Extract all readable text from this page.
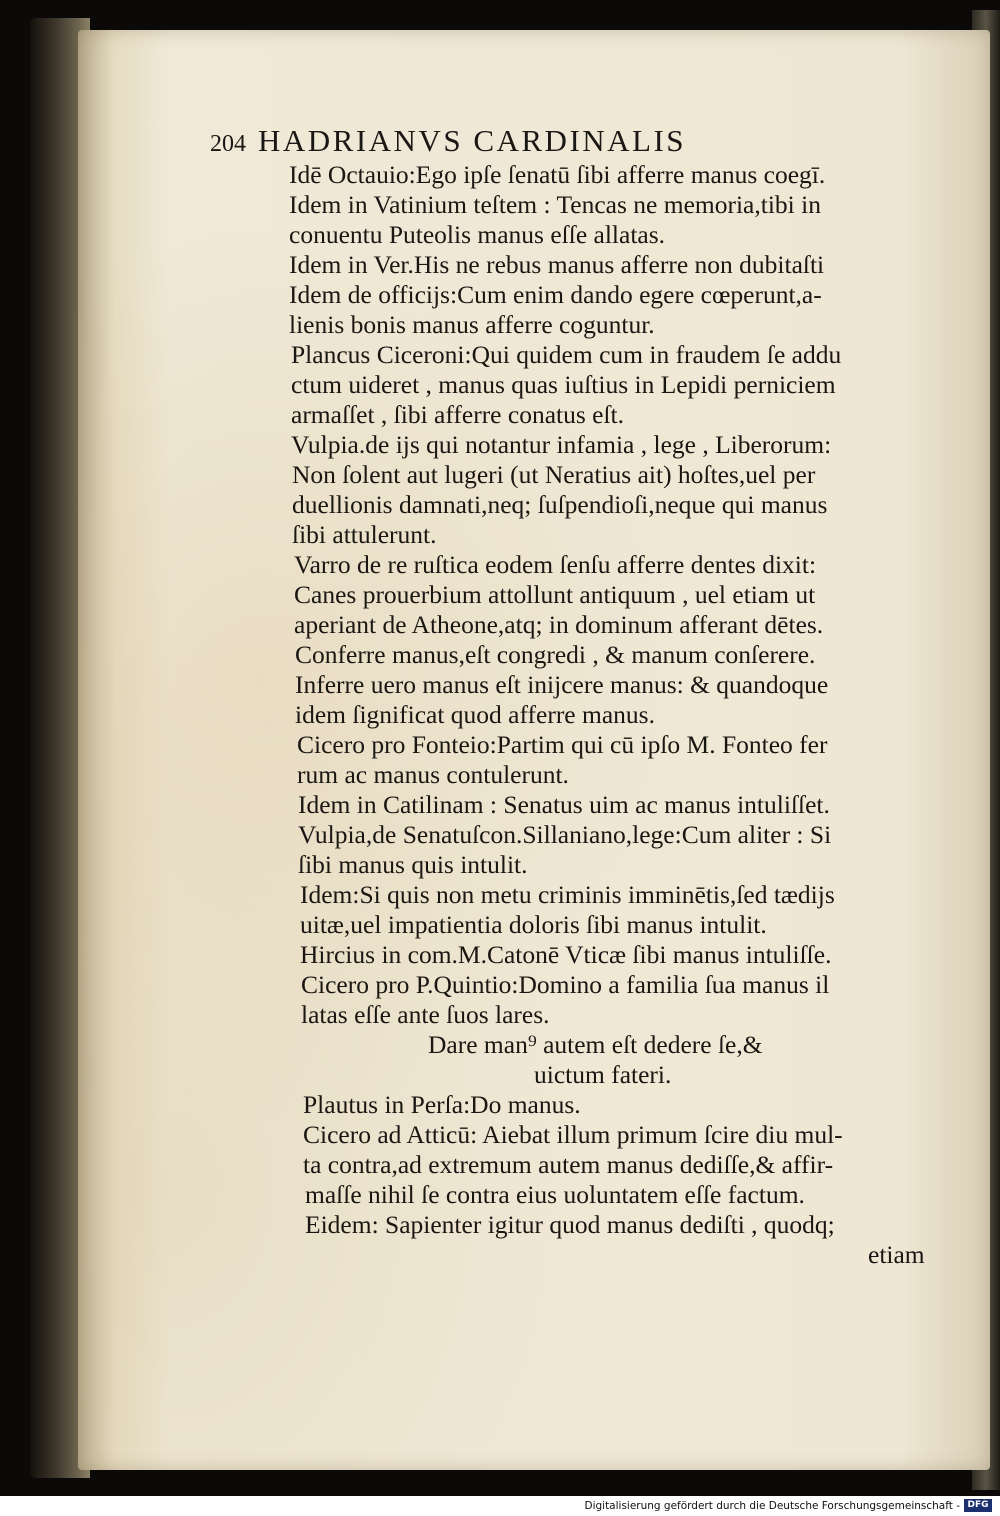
204 HADRIANVS CARDINALIS
Idē Octauio:Ego ipſe ſenatū ſibi afferre manus coegī.
Idem in Vatinium teſtem : Tencas ne memoria,tibi in
conuentu Puteolis manus eſſe allatas.
Idem in Ver.His ne rebus manus afferre non dubitaſti
Idem de officijs:Cum enim dando egere cœperunt,a-
lienis bonis manus afferre coguntur.
Plancus Ciceroni:Qui quidem cum in fraudem ſe addu
ctum uideret , manus quas iuſtius in Lepidi perniciem
armaſſet , ſibi afferre conatus eſt.
Vulpia.de ijs qui notantur infamia , lege , Liberorum:
Non ſolent aut lugeri (ut Neratius ait) hoſtes,uel per
duellionis damnati,neq; ſuſpendioſi,neque qui manus
ſibi attulerunt.
Varro de re ruſtica eodem ſenſu afferre dentes dixit:
Canes prouerbium attollunt antiquum , uel etiam ut
aperiant de Atheone,atq; in dominum afferant dētes.
Conferre manus,eſt congredi , & manum conſerere.
Inferre uero manus eſt inijcere manus: & quandoque
idem ſignificat quod afferre manus.
Cicero pro Fonteio:Partim qui cū ipſo M. Fonteo fer
rum ac manus contulerunt.
Idem in Catilinam : Senatus uim ac manus intuliſſet.
Vulpia,de Senatuſcon.Sillaniano,lege:Cum aliter : Si
ſibi manus quis intulit.
Idem:Si quis non metu criminis imminētis,ſed tædijs
uitæ,uel impatientia doloris ſibi manus intulit.
Hircius in com.M.Catonē Vticæ ſibi manus intuliſſe.
Cicero pro P.Quintio:Domino a familia ſua manus il
latas eſſe ante ſuos lares.
Dare man⁹ autem eſt dedere ſe,&
uictum fateri.
Plautus in Perſa:Do manus.
Cicero ad Atticū: Aiebat illum primum ſcire diu mul-
ta contra,ad extremum autem manus dediſſe,& affir-
maſſe nihil ſe contra eius uoluntatem eſſe factum.
Eidem: Sapienter igitur quod manus dediſti , quodq;
etiam
Digitalisierung gefördert durch die Deutsche Forschungsgemeinschaft - DFG
